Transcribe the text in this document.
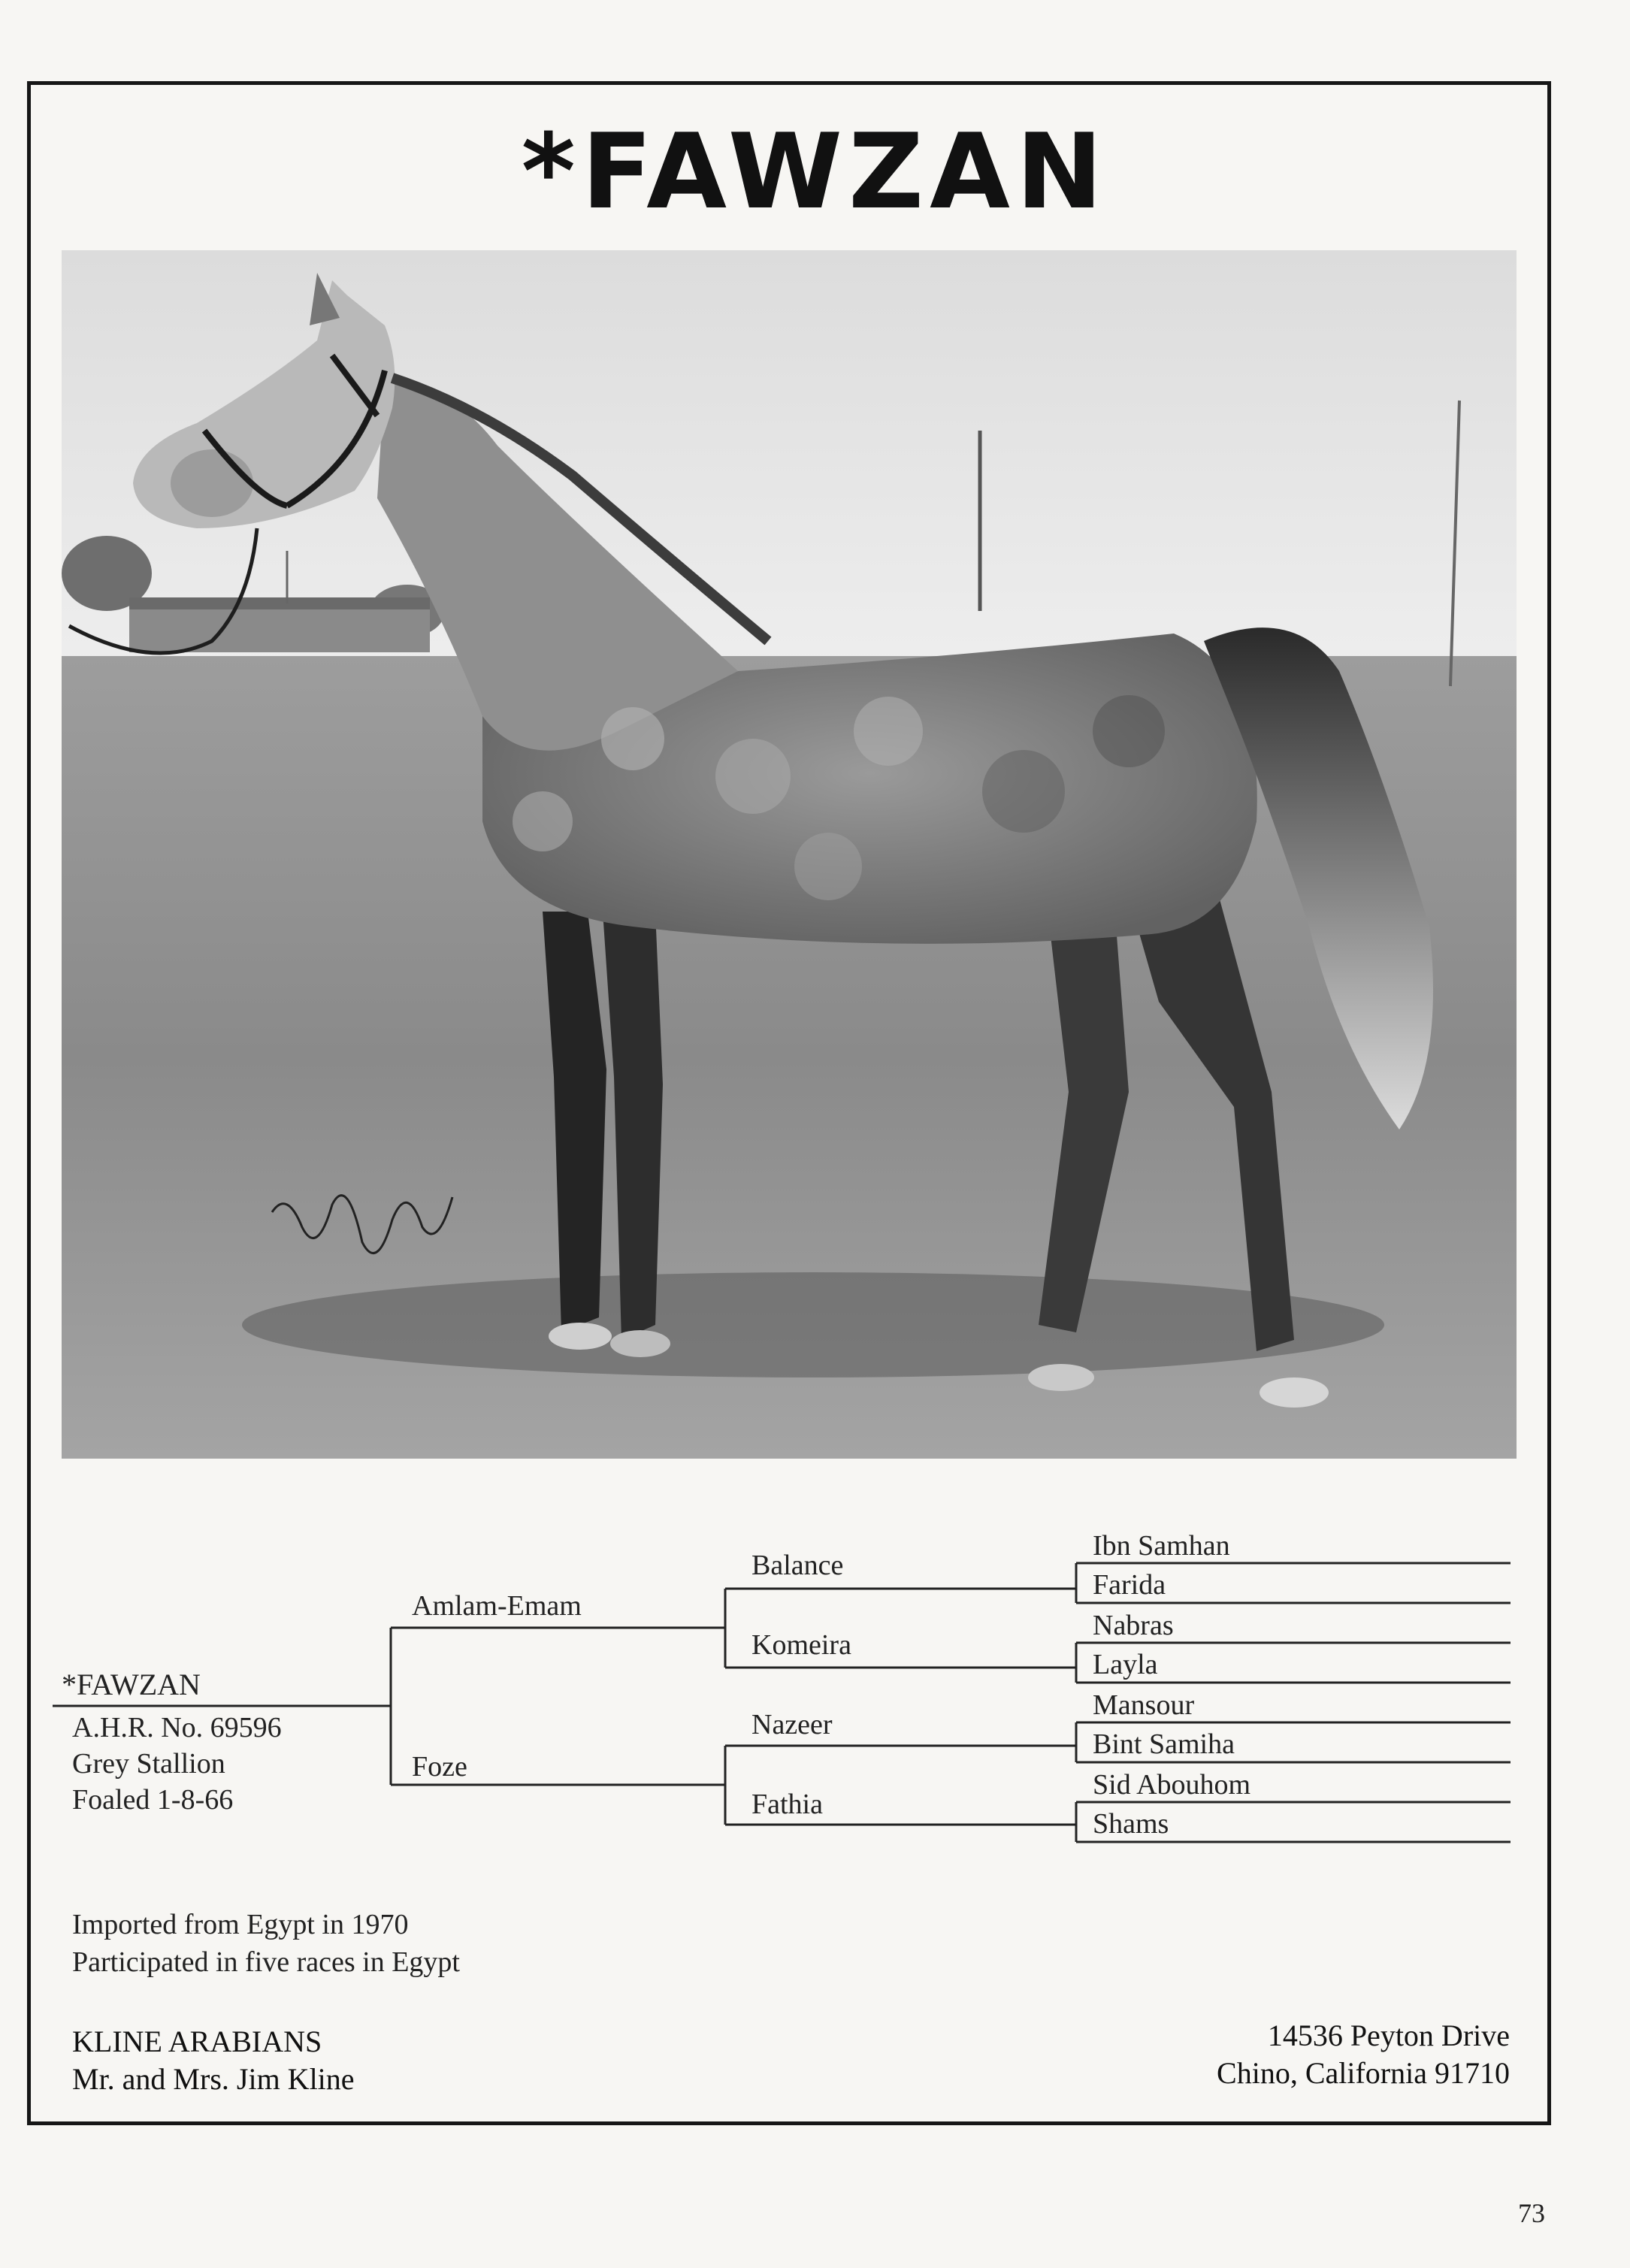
*FAWZAN
*FAWZAN
A.H.R. No. 69596
Grey Stallion
Foaled 1-8-66
Amlam-Emam
Foze
Balance
Komeira
Nazeer
Fathia
Ibn Samhan
Farida
Nabras
Layla
Mansour
Bint Samiha
Sid Abouhom
Shams
Imported from Egypt in 1970
Participated in five races in Egypt
KLINE ARABIANS
Mr. and Mrs. Jim Kline
14536 Peyton Drive
Chino, California 91710
73
